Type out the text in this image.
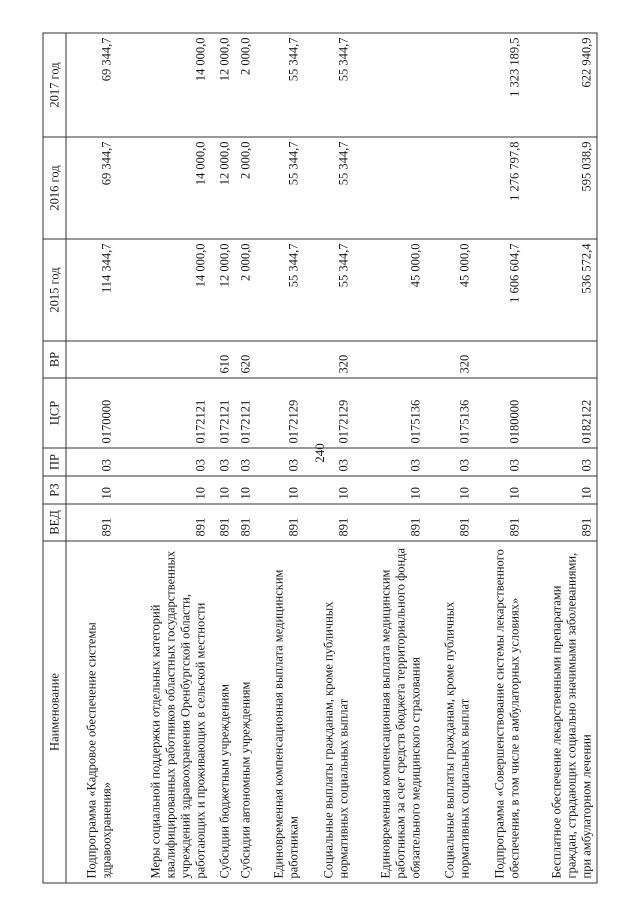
240
Наименование	ВЕД	РЗ	ПР	ЦСР	ВР	2015 год	2016 год	2017 год
Подпрограмма «Кадровое обеспечение системы здравоохранения»	891	10	03	0170000		114 344,7	69 344,7	69 344,7
Меры социальной поддержки отдельных категорий квалифицированных работников областных государственных учреждений здравоохранения Оренбургской области, работающих и проживающих в сельской местности	891	10	03	0172121		14 000,0	14 000,0	14 000,0
Субсидии бюджетным учреждениям	891	10	03	0172121	610	12 000,0	12 000,0	12 000,0
Субсидии автономным учреждениям	891	10	03	0172121	620	2 000,0	2 000,0	2 000,0
Единовременная компенсационная выплата медицинским работникам	891	10	03	0172129		55 344,7	55 344,7	55 344,7
Социальные выплаты гражданам, кроме публичных нормативных социальных выплат	891	10	03	0172129	320	55 344,7	55 344,7	55 344,7
Единовременная компенсационная выплата медицинским работникам за счет средств бюджета территориального фонда обязательного медицинского страхования	891	10	03	0175136		45 000,0		
Социальные выплаты гражданам, кроме публичных нормативных социальных выплат	891	10	03	0175136	320	45 000,0		
Подпрограмма «Совершенствование системы лекарственного обеспечения, в том числе в амбулаторных условиях»	891	10	03	0180000		1 606 604,7	1 276 797,8	1 323 189,5
Бесплатное обеспечение лекарственными препаратами граждан, страдающих социально значимыми заболеваниями, при амбулаторном лечении	891	10	03	0182122		536 572,4	595 038,9	622 940,9
